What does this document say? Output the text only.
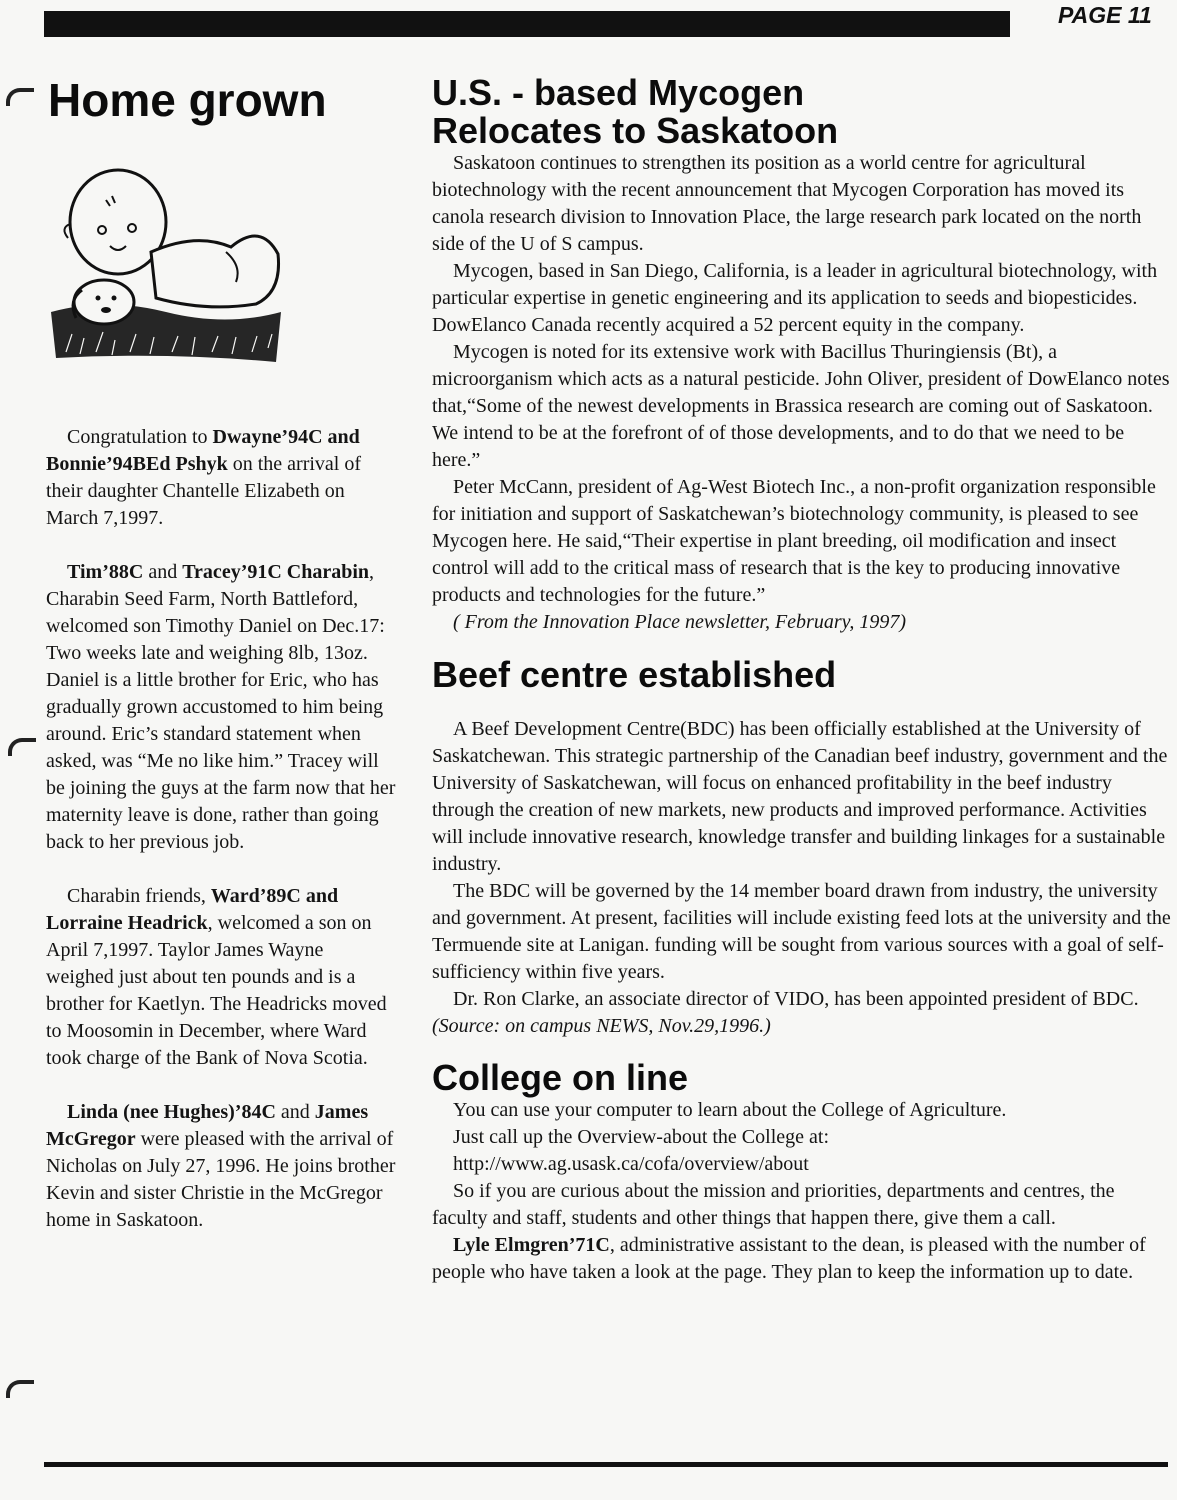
PAGE 11
Home grown

Congratulation to Dwayne’94C and Bonnie’94BEd Pshyk on the arrival of their daughter Chantelle Elizabeth on March 7,1997.

Tim’88C and Tracey’91C Charabin, Charabin Seed Farm, North Battleford, welcomed son Timothy Daniel on Dec.17: Two weeks late and weighing 8lb, 13oz. Daniel is a little brother for Eric, who has gradually grown accustomed to him being around. Eric’s standard statement when asked, was “Me no like him.” Tracey will be joining the guys at the farm now that her maternity leave is done, rather than going back to her previous job.

Charabin friends, Ward’89C and Lorraine Headrick, welcomed a son on April 7,1997. Taylor James Wayne weighed just about ten pounds and is a brother for Kaetlyn. The Headricks moved to Moosomin in December, where Ward took charge of the Bank of Nova Scotia.

Linda (nee Hughes)’84C and James McGregor were pleased with the arrival of Nicholas on July 27, 1996. He joins brother Kevin and sister Christie in the McGregor home in Saskatoon.

U.S. - based Mycogen
Relocates to Saskatoon

Saskatoon continues to strengthen its position as a world centre for agricultural biotechnology with the recent announcement that Mycogen Corporation has moved its canola research division to Innovation Place, the large research park located on the north side of the U of S campus.

Mycogen, based in San Diego, California, is a leader in agricultural biotechnology, with particular expertise in genetic engineering and its application to seeds and biopesticides. DowElanco Canada recently acquired a 52 percent equity in the company.

Mycogen is noted for its extensive work with Bacillus Thuringiensis (Bt), a microorganism which acts as a natural pesticide. John Oliver, president of DowElanco notes that,“Some of the newest developments in Brassica research are coming out of Saskatoon. We intend to be at the forefront of of those developments, and to do that we need to be here.”

Peter McCann, president of Ag-West Biotech Inc., a non-profit organization responsible for initiation and support of Saskatchewan’s biotechnology community, is pleased to see Mycogen here. He said,“Their expertise in plant breeding, oil modification and insect control will add to the critical mass of research that is the key to producing innovative products and technologies for the future.”

( From the Innovation Place newsletter, February, 1997)

Beef centre established

A Beef Development Centre(BDC) has been officially established at the University of Saskatchewan. This strategic partnership of the Canadian beef industry, government and the University of Saskatchewan, will focus on enhanced profitability in the beef industry through the creation of new markets, new products and improved performance. Activities will include innovative research, knowledge transfer and building linkages for a sustainable industry.

The BDC will be governed by the 14 member board drawn from industry, the university and government. At present, facilities will include existing feed lots at the university and the Termuende site at Lanigan. funding will be sought from various sources with a goal of self-sufficiency within five years.

Dr. Ron Clarke, an associate director of VIDO, has been appointed president of BDC. (Source: on campus NEWS, Nov.29,1996.)

College on line

You can use your computer to learn about the College of Agriculture.

Just call up the Overview-about the College at:

http://www.ag.usask.ca/cofa/overview/about

So if you are curious about the mission and priorities, departments and centres, the faculty and staff, students and other things that happen there, give them a call.

Lyle Elmgren’71C, administrative assistant to the dean, is pleased with the number of people who have taken a look at the page. They plan to keep the information up to date.
